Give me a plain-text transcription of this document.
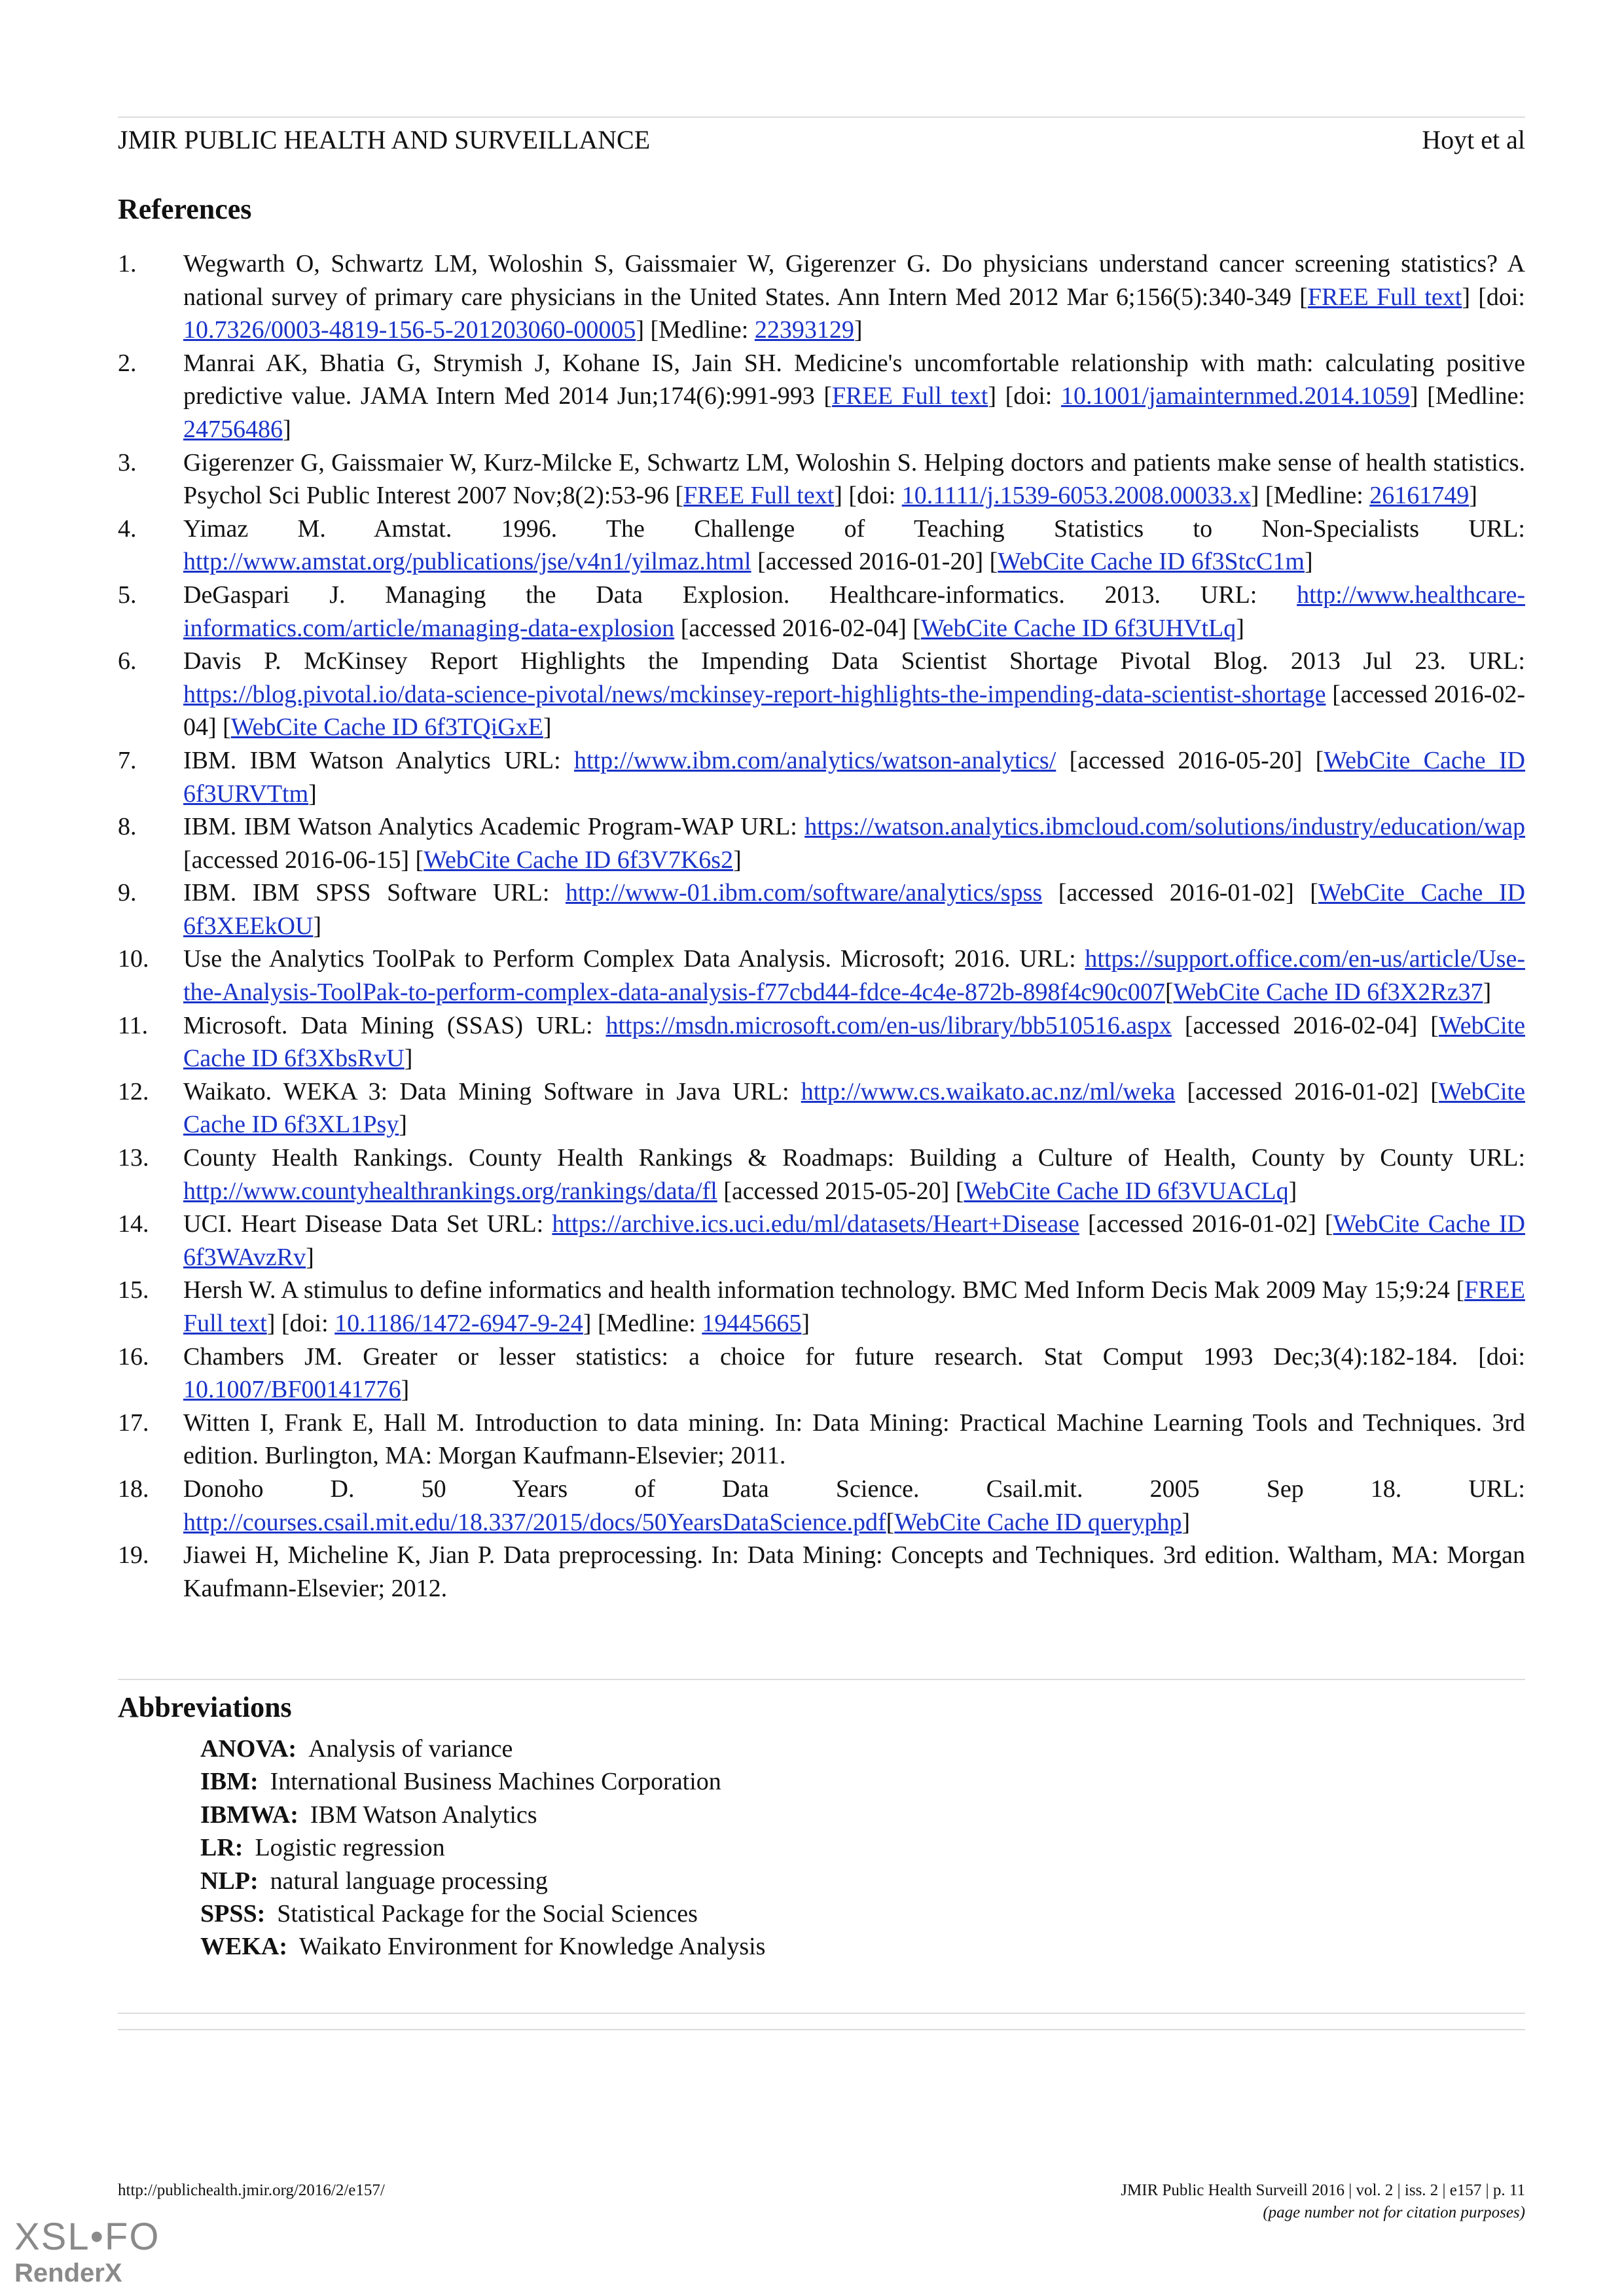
JMIR PUBLIC HEALTH AND SURVEILLANCE	Hoyt et al
References
1. Wegwarth O, Schwartz LM, Woloshin S, Gaissmaier W, Gigerenzer G. Do physicians understand cancer screening statistics? A national survey of primary care physicians in the United States. Ann Intern Med 2012 Mar 6;156(5):340-349 [FREE Full text] [doi: 10.7326/0003-4819-156-5-201203060-00005] [Medline: 22393129]
2. Manrai AK, Bhatia G, Strymish J, Kohane IS, Jain SH. Medicine's uncomfortable relationship with math: calculating positive predictive value. JAMA Intern Med 2014 Jun;174(6):991-993 [FREE Full text] [doi: 10.1001/jamainternmed.2014.1059] [Medline: 24756486]
3. Gigerenzer G, Gaissmaier W, Kurz-Milcke E, Schwartz LM, Woloshin S. Helping doctors and patients make sense of health statistics. Psychol Sci Public Interest 2007 Nov;8(2):53-96 [FREE Full text] [doi: 10.1111/j.1539-6053.2008.00033.x] [Medline: 26161749]
4. Yimaz M. Amstat. 1996. The Challenge of Teaching Statistics to Non-Specialists URL: http://www.amstat.org/publications/jse/v4n1/yilmaz.html [accessed 2016-01-20] [WebCite Cache ID 6f3StcC1m]
5. DeGaspari J. Managing the Data Explosion. Healthcare-informatics. 2013. URL: http://www.healthcare-informatics.com/article/managing-data-explosion [accessed 2016-02-04] [WebCite Cache ID 6f3UHVtLq]
6. Davis P. McKinsey Report Highlights the Impending Data Scientist Shortage Pivotal Blog. 2013 Jul 23. URL: https://blog.pivotal.io/data-science-pivotal/news/mckinsey-report-highlights-the-impending-data-scientist-shortage [accessed 2016-02-04] [WebCite Cache ID 6f3TQiGxE]
7. IBM. IBM Watson Analytics URL: http://www.ibm.com/analytics/watson-analytics/ [accessed 2016-05-20] [WebCite Cache ID 6f3URVTtm]
8. IBM. IBM Watson Analytics Academic Program-WAP URL: https://watson.analytics.ibmcloud.com/solutions/industry/education/wap [accessed 2016-06-15] [WebCite Cache ID 6f3V7K6s2]
9. IBM. IBM SPSS Software URL: http://www-01.ibm.com/software/analytics/spss [accessed 2016-01-02] [WebCite Cache ID 6f3XEEkOU]
10. Use the Analytics ToolPak to Perform Complex Data Analysis. Microsoft; 2016. URL: https://support.office.com/en-us/article/Use-the-Analysis-ToolPak-to-perform-complex-data-analysis-f77cbd44-fdce-4c4e-872b-898f4c90c007[WebCite Cache ID 6f3X2Rz37]
11. Microsoft. Data Mining (SSAS) URL: https://msdn.microsoft.com/en-us/library/bb510516.aspx [accessed 2016-02-04] [WebCite Cache ID 6f3XbsRvU]
12. Waikato. WEKA 3: Data Mining Software in Java URL: http://www.cs.waikato.ac.nz/ml/weka [accessed 2016-01-02] [WebCite Cache ID 6f3XL1Psy]
13. County Health Rankings. County Health Rankings & Roadmaps: Building a Culture of Health, County by County URL: http://www.countyhealthrankings.org/rankings/data/fl [accessed 2015-05-20] [WebCite Cache ID 6f3VUACLq]
14. UCI. Heart Disease Data Set URL: https://archive.ics.uci.edu/ml/datasets/Heart+Disease [accessed 2016-01-02] [WebCite Cache ID 6f3WAvzRv]
15. Hersh W. A stimulus to define informatics and health information technology. BMC Med Inform Decis Mak 2009 May 15;9:24 [FREE Full text] [doi: 10.1186/1472-6947-9-24] [Medline: 19445665]
16. Chambers JM. Greater or lesser statistics: a choice for future research. Stat Comput 1993 Dec;3(4):182-184. [doi: 10.1007/BF00141776]
17. Witten I, Frank E, Hall M. Introduction to data mining. In: Data Mining: Practical Machine Learning Tools and Techniques. 3rd edition. Burlington, MA: Morgan Kaufmann-Elsevier; 2011.
18. Donoho D. 50 Years of Data Science. Csail.mit. 2005 Sep 18. URL: http://courses.csail.mit.edu/18.337/2015/docs/50YearsDataScience.pdf[WebCite Cache ID queryphp]
19. Jiawei H, Micheline K, Jian P. Data preprocessing. In: Data Mining: Concepts and Techniques. 3rd edition. Waltham, MA: Morgan Kaufmann-Elsevier; 2012.
Abbreviations
ANOVA: Analysis of variance
IBM: International Business Machines Corporation
IBMWA: IBM Watson Analytics
LR: Logistic regression
NLP: natural language processing
SPSS: Statistical Package for the Social Sciences
WEKA: Waikato Environment for Knowledge Analysis
http://publichealth.jmir.org/2016/2/e157/	JMIR Public Health Surveill 2016 | vol. 2 | iss. 2 | e157 | p. 11
(page number not for citation purposes)
XSL•FO
RenderX
